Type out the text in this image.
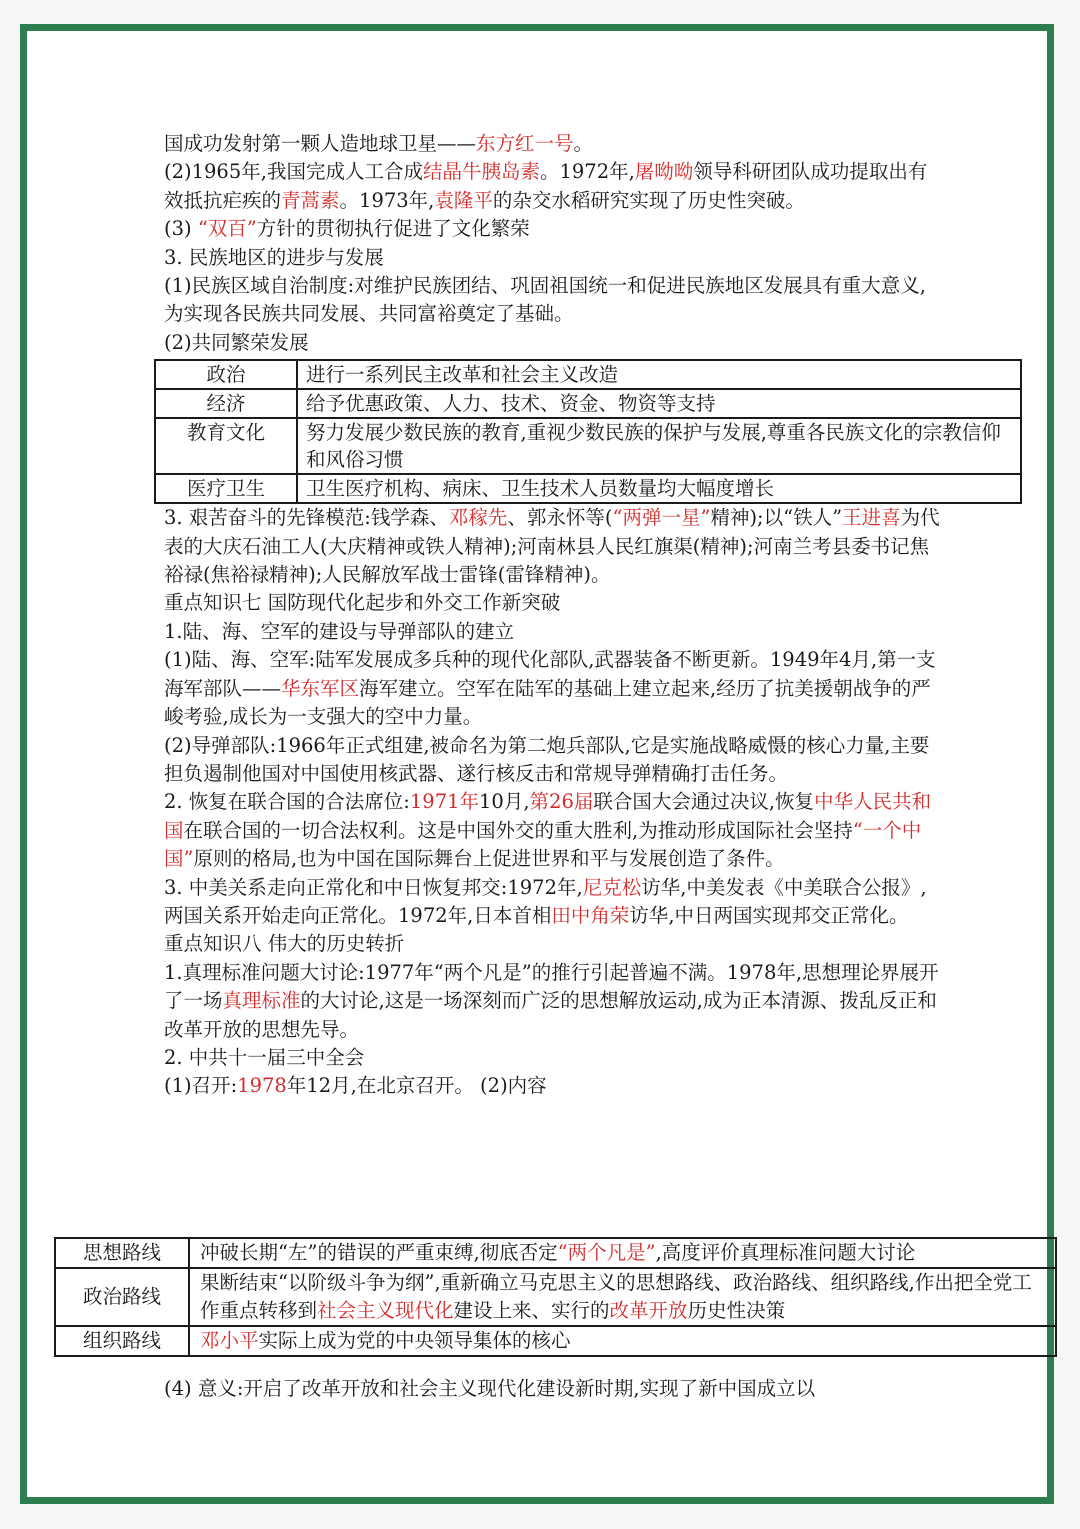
国成功发射第一颗人造地球卫星——东方红一号。

(2)1965年,我国完成人工合成结晶牛胰岛素。1972年,屠呦呦领导科研团队成功提取出有效抵抗疟疾的青蒿素。1973年,袁隆平的杂交水稻研究实现了历史性突破。

(3) “双百”方针的贯彻执行促进了文化繁荣

3. 民族地区的进步与发展

(1)民族区域自治制度:对维护民族团结、巩固祖国统一和促进民族地区发展具有重大意义,为实现各民族共同发展、共同富裕奠定了基础。

(2)共同繁荣发展

政治	进行一系列民主改革和社会主义改造
经济	给予优惠政策、人力、技术、资金、物资等支持
教育文化	努力发展少数民族的教育,重视少数民族的保护与发展,尊重各民族文化的宗教信仰和风俗习惯
医疗卫生	卫生医疗机构、病床、卫生技术人员数量均大幅度增长

3. 艰苦奋斗的先锋模范:钱学森、邓稼先、郭永怀等(“两弹一星”精神);以“铁人”王进喜为代表的大庆石油工人(大庆精神或铁人精神);河南林县人民红旗渠(精神);河南兰考县委书记焦裕禄(焦裕禄精神);人民解放军战士雷锋(雷锋精神)。

重点知识七 国防现代化起步和外交工作新突破

1.陆、海、空军的建设与导弹部队的建立

(1)陆、海、空军:陆军发展成多兵种的现代化部队,武器装备不断更新。1949年4月,第一支海军部队——华东军区海军建立。空军在陆军的基础上建立起来,经历了抗美援朝战争的严峻考验,成长为一支强大的空中力量。

(2)导弹部队:1966年正式组建,被命名为第二炮兵部队,它是实施战略威慑的核心力量,主要担负遏制他国对中国使用核武器、遂行核反击和常规导弹精确打击任务。

2. 恢复在联合国的合法席位:1971年10月,第26届联合国大会通过决议,恢复中华人民共和国在联合国的一切合法权利。这是中国外交的重大胜利,为推动形成国际社会坚持“一个中国”原则的格局,也为中国在国际舞台上促进世界和平与发展创造了条件。

3. 中美关系走向正常化和中日恢复邦交:1972年,尼克松访华,中美发表《中美联合公报》,两国关系开始走向正常化。1972年,日本首相田中角荣访华,中日两国实现邦交正常化。

重点知识八 伟大的历史转折

1.真理标准问题大讨论:1977年“两个凡是”的推行引起普遍不满。1978年,思想理论界展开了一场真理标准的大讨论,这是一场深刻而广泛的思想解放运动,成为正本清源、拨乱反正和改革开放的思想先导。

2. 中共十一届三中全会

(1)召开:1978年12月,在北京召开。 (2)内容

思想路线	冲破长期“左”的错误的严重束缚,彻底否定“两个凡是”,高度评价真理标准问题大讨论
政治路线	果断结束“以阶级斗争为纲”,重新确立马克思主义的思想路线、政治路线、组织路线,作出把全党工作重点转移到社会主义现代化建设上来、实行的改革开放历史性决策
组织路线	邓小平实际上成为党的中央领导集体的核心
(4) 意义:开启了改革开放和社会主义现代化建设新时期,实现了新中国成立以
